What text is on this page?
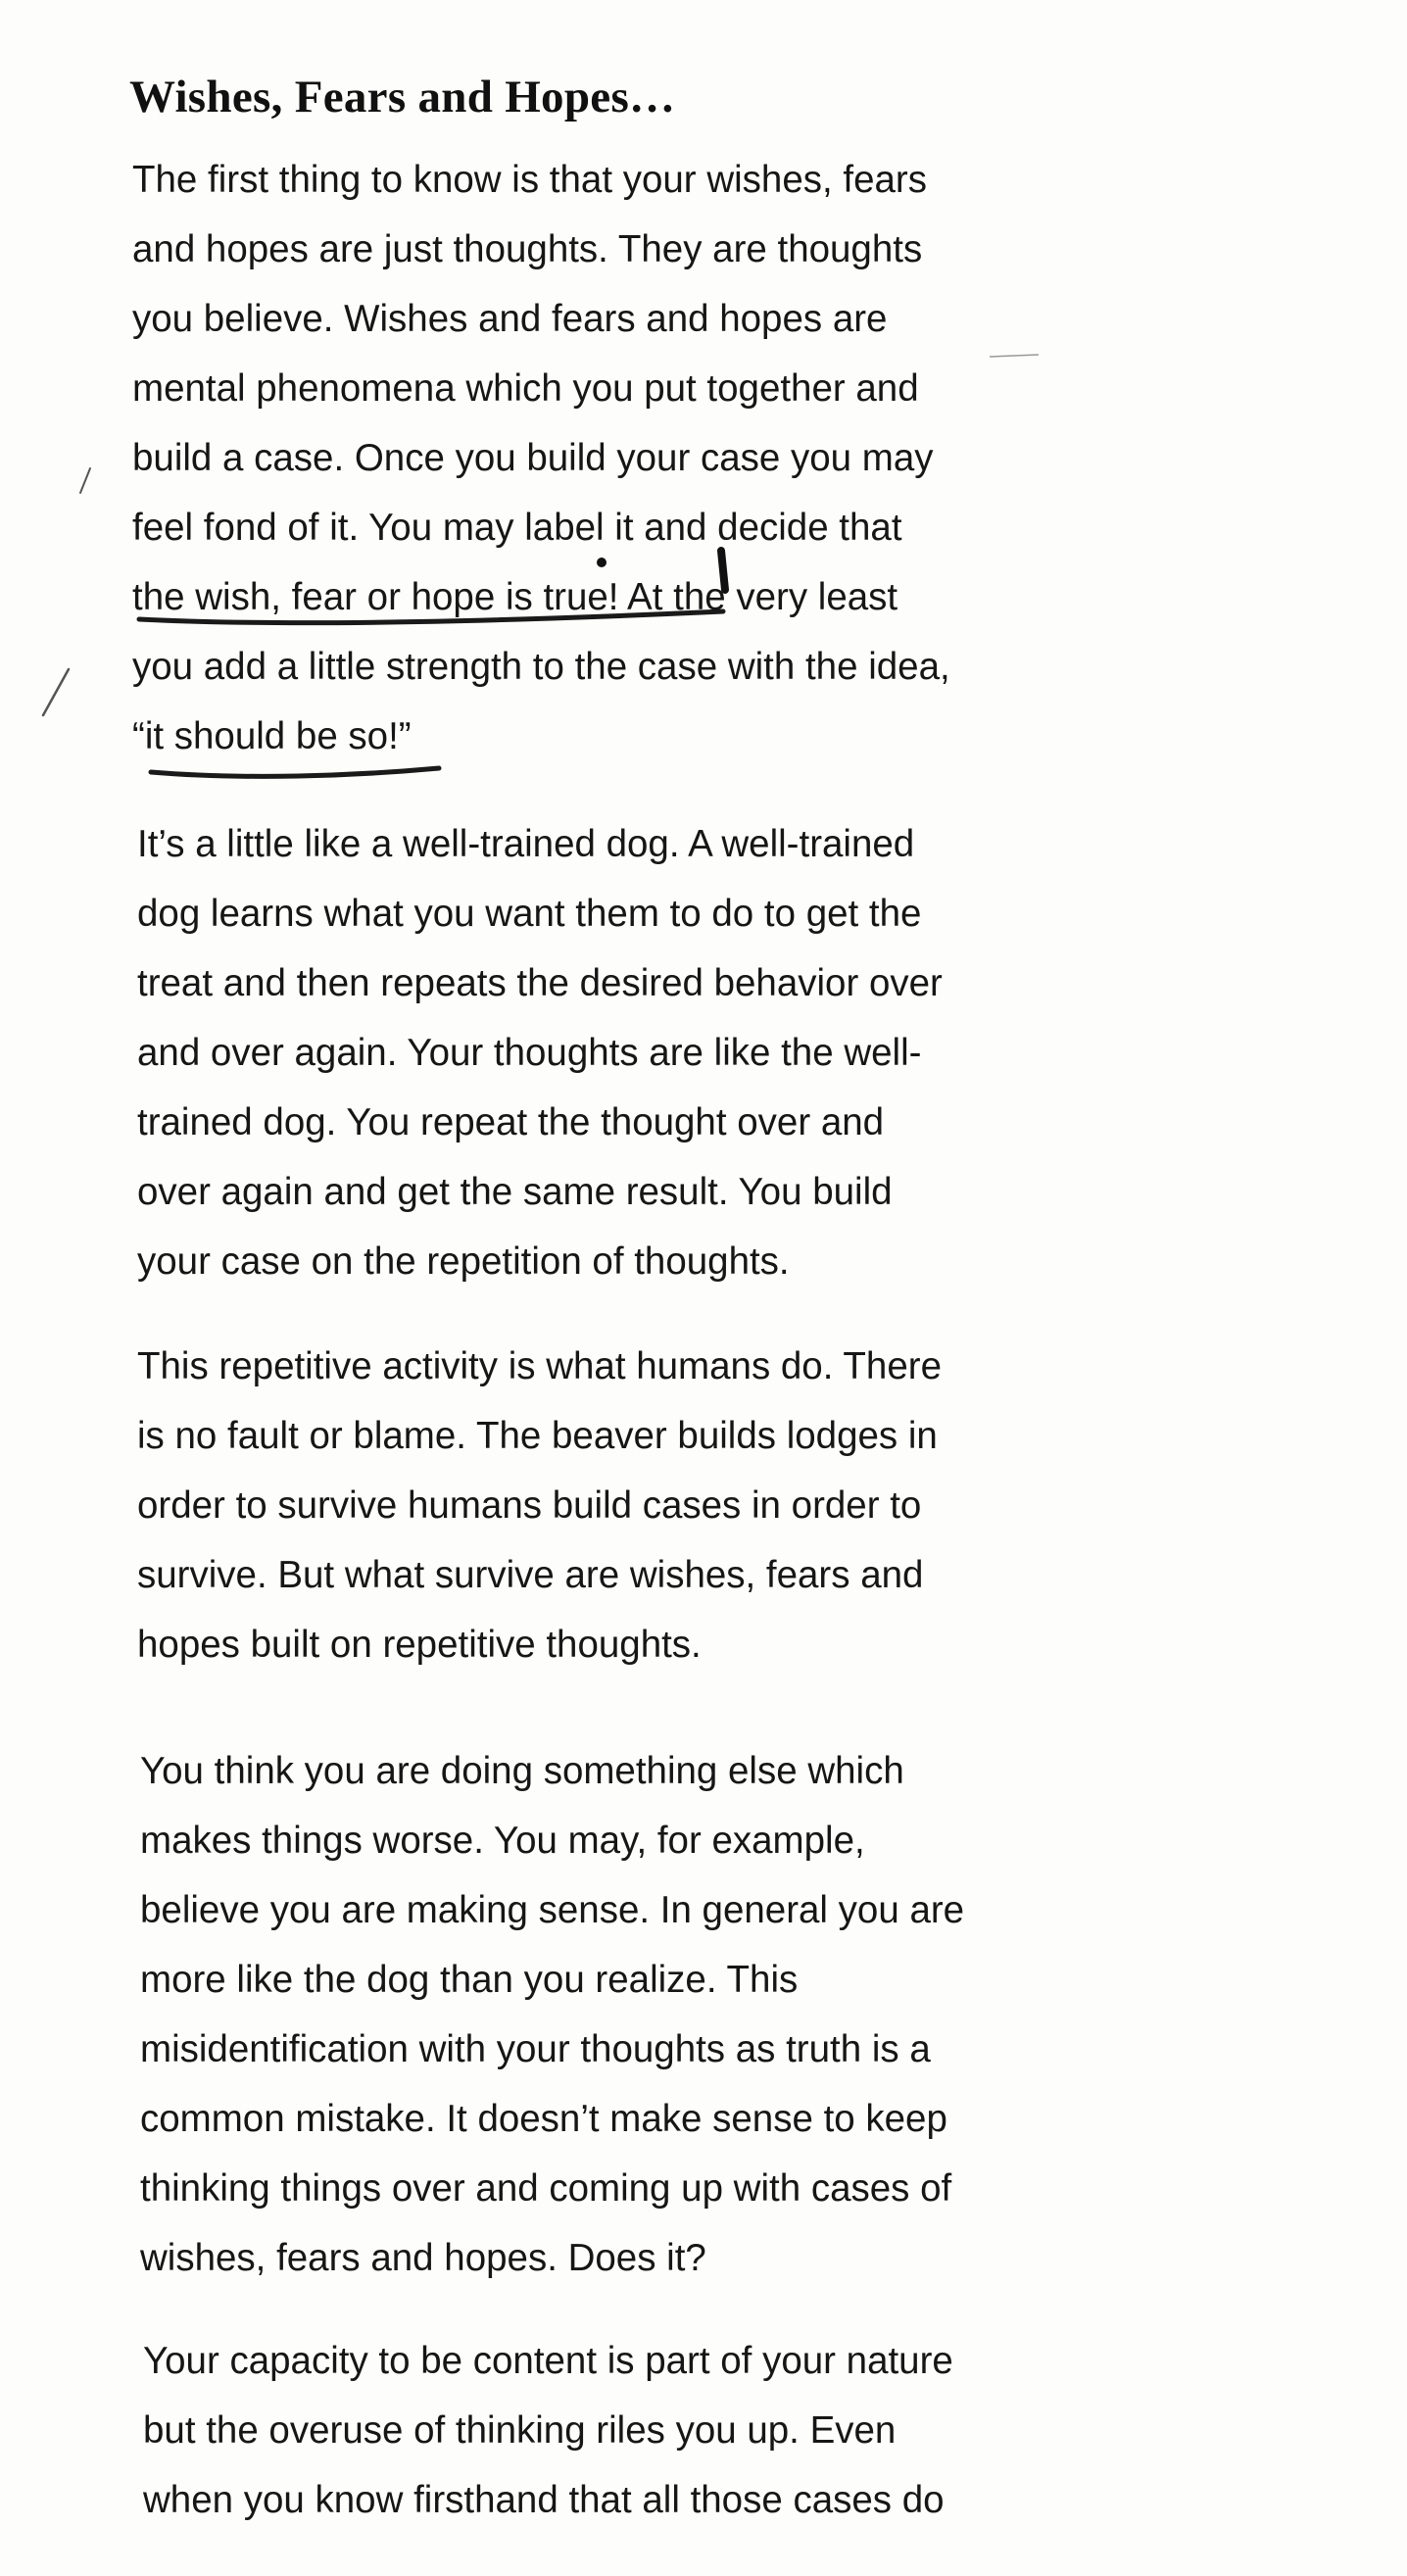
Wishes, Fears and Hopes…
The first thing to know is that your wishes, fears
and hopes are just thoughts. They are thoughts
you believe. Wishes and fears and hopes are
mental phenomena which you put together and
build a case. Once you build your case you may
feel fond of it. You may label it and decide that
the wish, fear or hope is true! At the very least
you add a little strength to the case with the idea,
“it should be so!”
It’s a little like a well-trained dog. A well-trained
dog learns what you want them to do to get the
treat and then repeats the desired behavior over
and over again. Your thoughts are like the well-
trained dog. You repeat the thought over and
over again and get the same result. You build
your case on the repetition of thoughts.
This repetitive activity is what humans do. There
is no fault or blame. The beaver builds lodges in
order to survive humans build cases in order to
survive. But what survive are wishes, fears and
hopes built on repetitive thoughts.
You think you are doing something else which
makes things worse. You may, for example,
believe you are making sense. In general you are
more like the dog than you realize. This
misidentification with your thoughts as truth is a
common mistake. It doesn’t make sense to keep
thinking things over and coming up with cases of
wishes, fears and hopes. Does it?
Your capacity to be content is part of your nature
but the overuse of thinking riles you up. Even
when you know firsthand that all those cases do
